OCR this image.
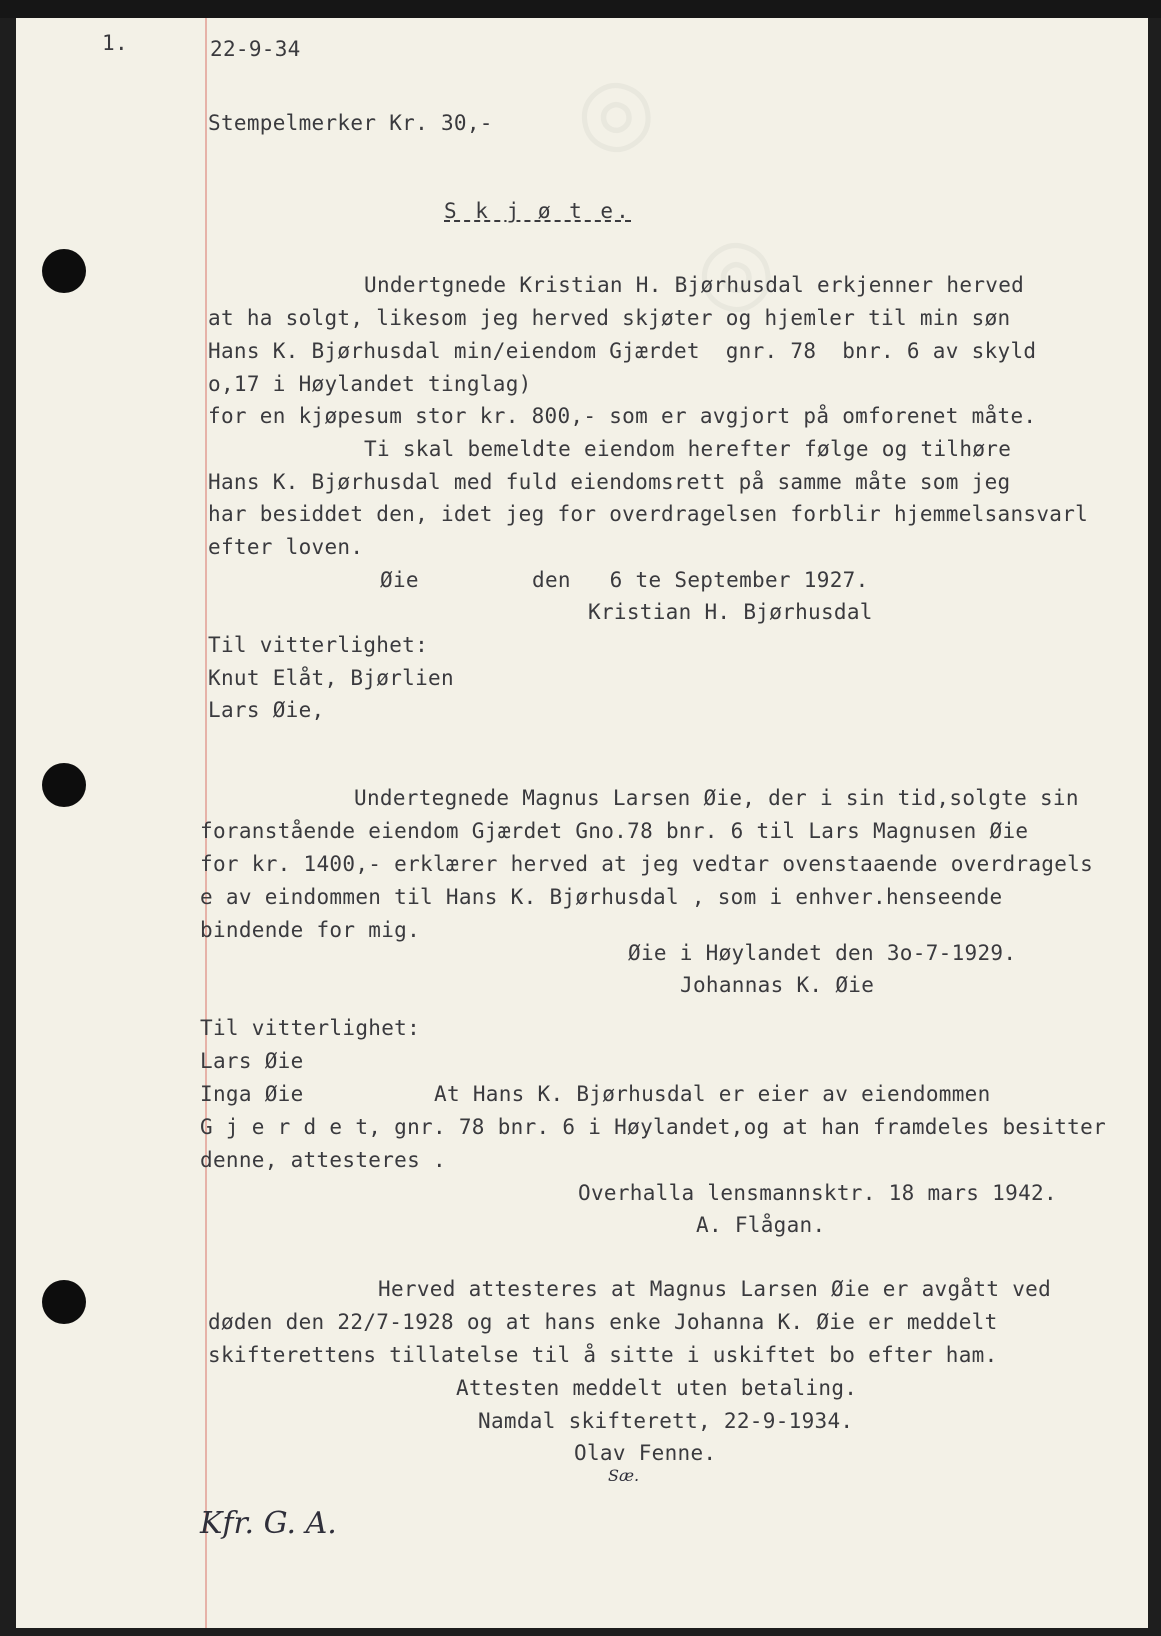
◎
◎
1.	22-9-34
Stempelmerker Kr. 30,-
S k j ø t e.
Undertgnede Kristian H. Bjørhusdal erkjenner herved
at ha solgt, likesom jeg herved skjøter og hjemler til min søn
Hans K. Bjørhusdal min/eiendom Gjærdet  gnr. 78  bnr. 6 av skyld
o,17 i Høylandet tinglag)
for en kjøpesum stor kr. 800,- som er avgjort på omforenet måte.
Ti skal bemeldte eiendom herefter følge og tilhøre
Hans K. Bjørhusdal med fuld eiendomsrett på samme måte som jeg
har besiddet den, idet jeg for overdragelsen forblir hjemmelsansvarl
efter loven.
Øie	den   6 te September 1927.
Kristian H. Bjørhusdal
Til vitterlighet:
Knut Elåt, Bjørlien
Lars Øie,
Undertegnede Magnus Larsen Øie, der i sin tid,solgte sin
foranstående eiendom Gjærdet Gno.78 bnr. 6 til Lars Magnusen Øie
for kr. 1400,- erklærer herved at jeg vedtar ovenstaaende overdragels
e av eindommen til Hans K. Bjørhusdal , som i enhver.henseende
bindende for mig.
Øie i Høylandet den 3o-7-1929.
Johannas K. Øie
Til vitterlighet:
Lars Øie
Inga Øie	At Hans K. Bjørhusdal er eier av eiendommen
G j e r d e t, gnr. 78 bnr. 6 i Høylandet,og at han framdeles besitter
denne, attesteres .
Overhalla lensmannsktr. 18 mars 1942.
A. Flågan.
Herved attesteres at Magnus Larsen Øie er avgått ved
døden den 22/7-1928 og at hans enke Johanna K. Øie er meddelt
skifterettens tillatelse til å sitte i uskiftet bo efter ham.
Attesten meddelt uten betaling.
Namdal skifterett, 22-9-1934.
Olav Fenne.
Sæ.
Kfr. G. A.
